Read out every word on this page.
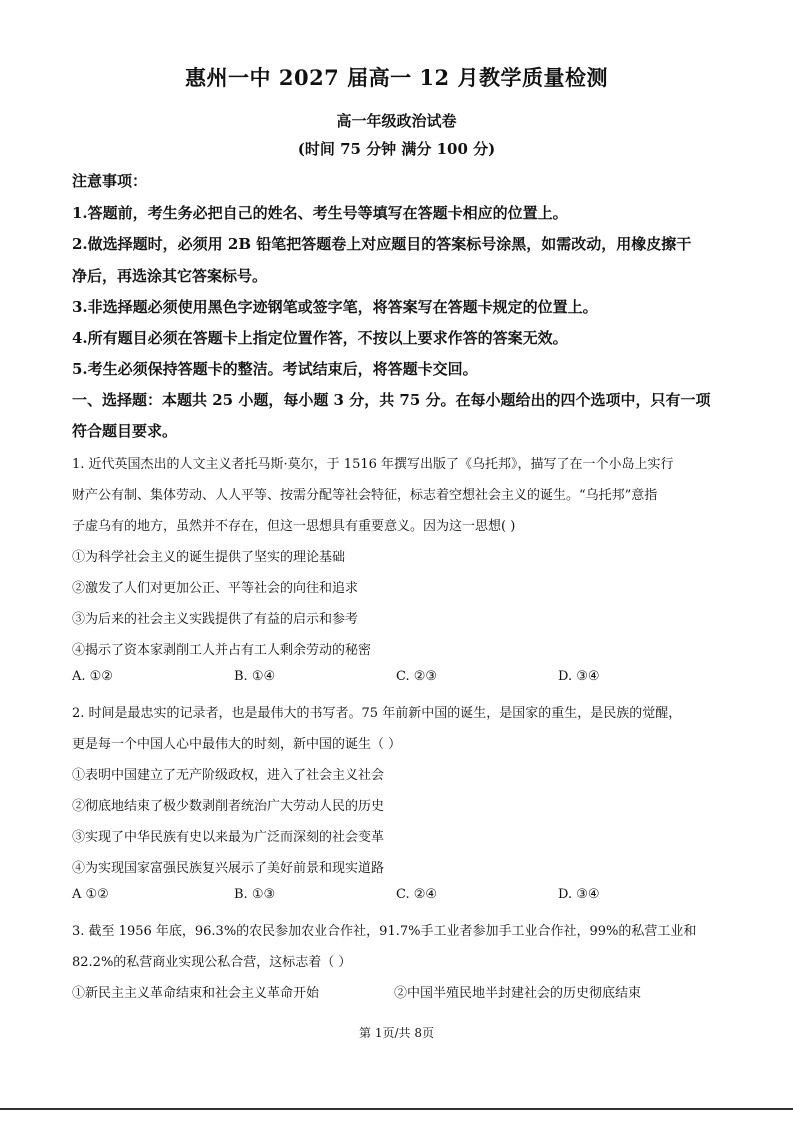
惠州一中 2027 届高一 12 月教学质量检测
高一年级政治试卷
(时间 75 分钟 满分 100 分)
注意事项：
1.答题前，考生务必把自己的姓名、考生号等填写在答题卡相应的位置上。
2.做选择题时，必须用 2B 铅笔把答题卷上对应题目的答案标号涂黑，如需改动，用橡皮擦干
净后，再选涂其它答案标号。
3.非选择题必须使用黑色字迹钢笔或签字笔，将答案写在答题卡规定的位置上。
4.所有题目必须在答题卡上指定位置作答，不按以上要求作答的答案无效。
5.考生必须保持答题卡的整洁。考试结束后，将答题卡交回。
一、选择题：本题共 25 小题，每小题 3 分，共 75 分。在每小题给出的四个选项中，只有一项
符合题目要求。
1. 近代英国杰出的人文主义者托马斯·莫尔，于 1516 年撰写出版了《乌托邦》，描写了在一个小岛上实行
财产公有制、集体劳动、人人平等、按需分配等社会特征，标志着空想社会主义的诞生。“乌托邦”意指
子虚乌有的地方，虽然并不存在，但这一思想具有重要意义。因为这一思想( )
①为科学社会主义的诞生提供了坚实的理论基础
②激发了人们对更加公正、平等社会的向往和追求
③为后来的社会主义实践提供了有益的启示和参考
④揭示了资本家剥削工人并占有工人剩余劳动的秘密
A. ①②	B. ①④	C. ②③	D. ③④
2. 时间是最忠实的记录者，也是最伟大的书写者。75 年前新中国的诞生，是国家的重生，是民族的觉醒，
更是每一个中国人心中最伟大的时刻，新中国的诞生（ ）
①表明中国建立了无产阶级政权，进入了社会主义社会
②彻底地结束了极少数剥削者统治广大劳动人民的历史
③实现了中华民族有史以来最为广泛而深刻的社会变革
④为实现国家富强民族复兴展示了美好前景和现实道路
A ①②	B. ①③	C. ②④	D. ③④
3. 截至 1956 年底，96.3%的农民参加农业合作社，91.7%手工业者参加手工业合作社，99%的私营工业和
82.2%的私营商业实现公私合营，这标志着（ ）
①新民主主义革命结束和社会主义革命开始	②中国半殖民地半封建社会的历史彻底结束
第 1页/共 8页
